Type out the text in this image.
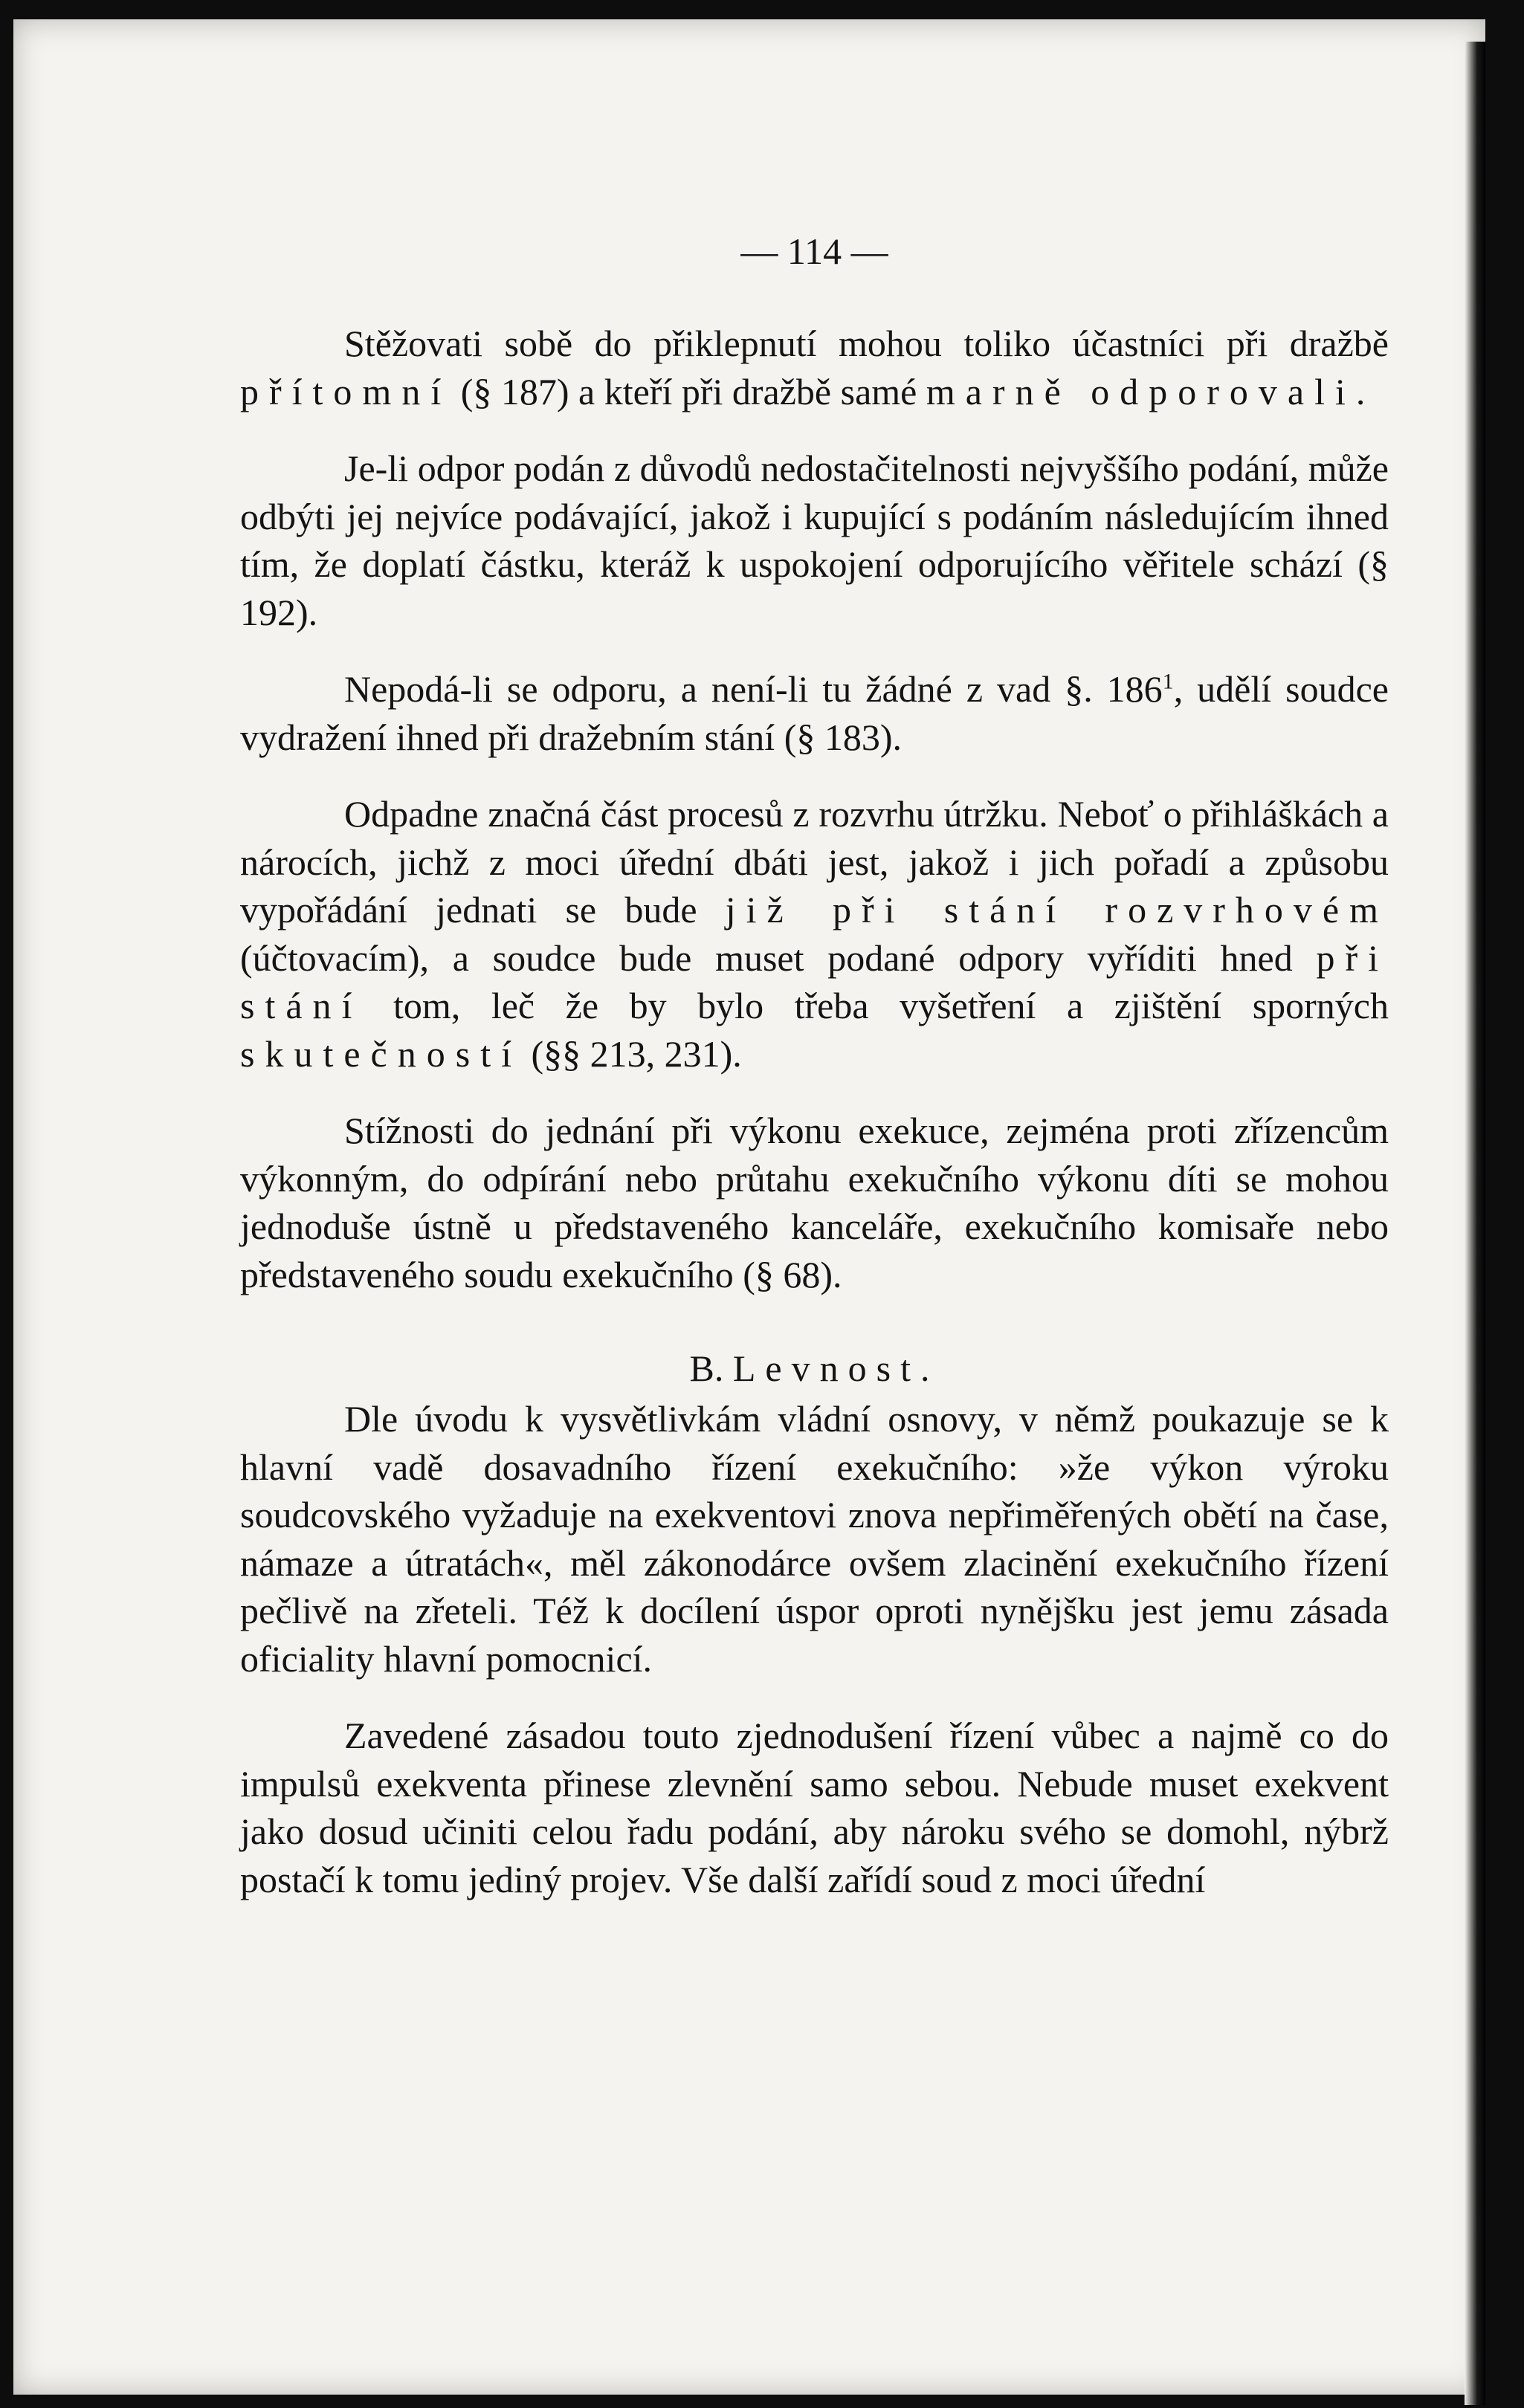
— 114 —

Stěžovati sobě do přiklepnutí mohou toliko účastníci při dražbě přítomní (§ 187) a kteří při dražbě samé marně odporovali.

Je-li odpor podán z důvodů nedostačitelnosti nejvyššího podání, může odbýti jej nejvíce podávající, jakož i kupující s podáním následujícím ihned tím, že doplatí částku, kteráž k uspokojení odporujícího věřitele schází (§ 192).

Nepodá-li se odporu, a není-li tu žádné z vad §. $186^1$, udělí soudce vydražení ihned při dražebním stání (§ 183).

Odpadne značná část procesů z rozvrhu útržku. Neboť o přihláškách a nárocích, jichž z moci úřední dbáti jest, jakož i jich pořadí a způsobu vypořádání jednati se bude již při stání rozvrhovém (účtovacím), a soudce bude muset podané odpory vyříditi hned při stání tom, leč že by bylo třeba vyšetření a zjištění sporných skutečností (§§ 213, 231).

Stížnosti do jednání při výkonu exekuce, zejména proti zřízencům výkonným, do odpírání nebo průtahu exekučního výkonu díti se mohou jednoduše ústně u představeného kanceláře, exekučního komisaře nebo představeného soudu exekučního (§ 68).

B. Levnost.

Dle úvodu k vysvětlivkám vládní osnovy, v němž poukazuje se k hlavní vadě dosavadního řízení exekučního: »že výkon výroku soudcovského vyžaduje na exekventovi znova nepřiměřených obětí na čase, námaze a útratách«, měl zákonodárce ovšem zlacinění exekučního řízení pečlivě na zřeteli. Též k docílení úspor oproti nynějšku jest jemu zásada oficiality hlavní pomocnicí.

Zavedené zásadou touto zjednodušení řízení vůbec a najmě co do impulsů exekventa přinese zlevnění samo sebou. Nebude muset exekvent jako dosud učiniti celou řadu podání, aby nároku svého se domohl, nýbrž postačí k tomu jediný projev. Vše další zařídí soud z moci úřední
